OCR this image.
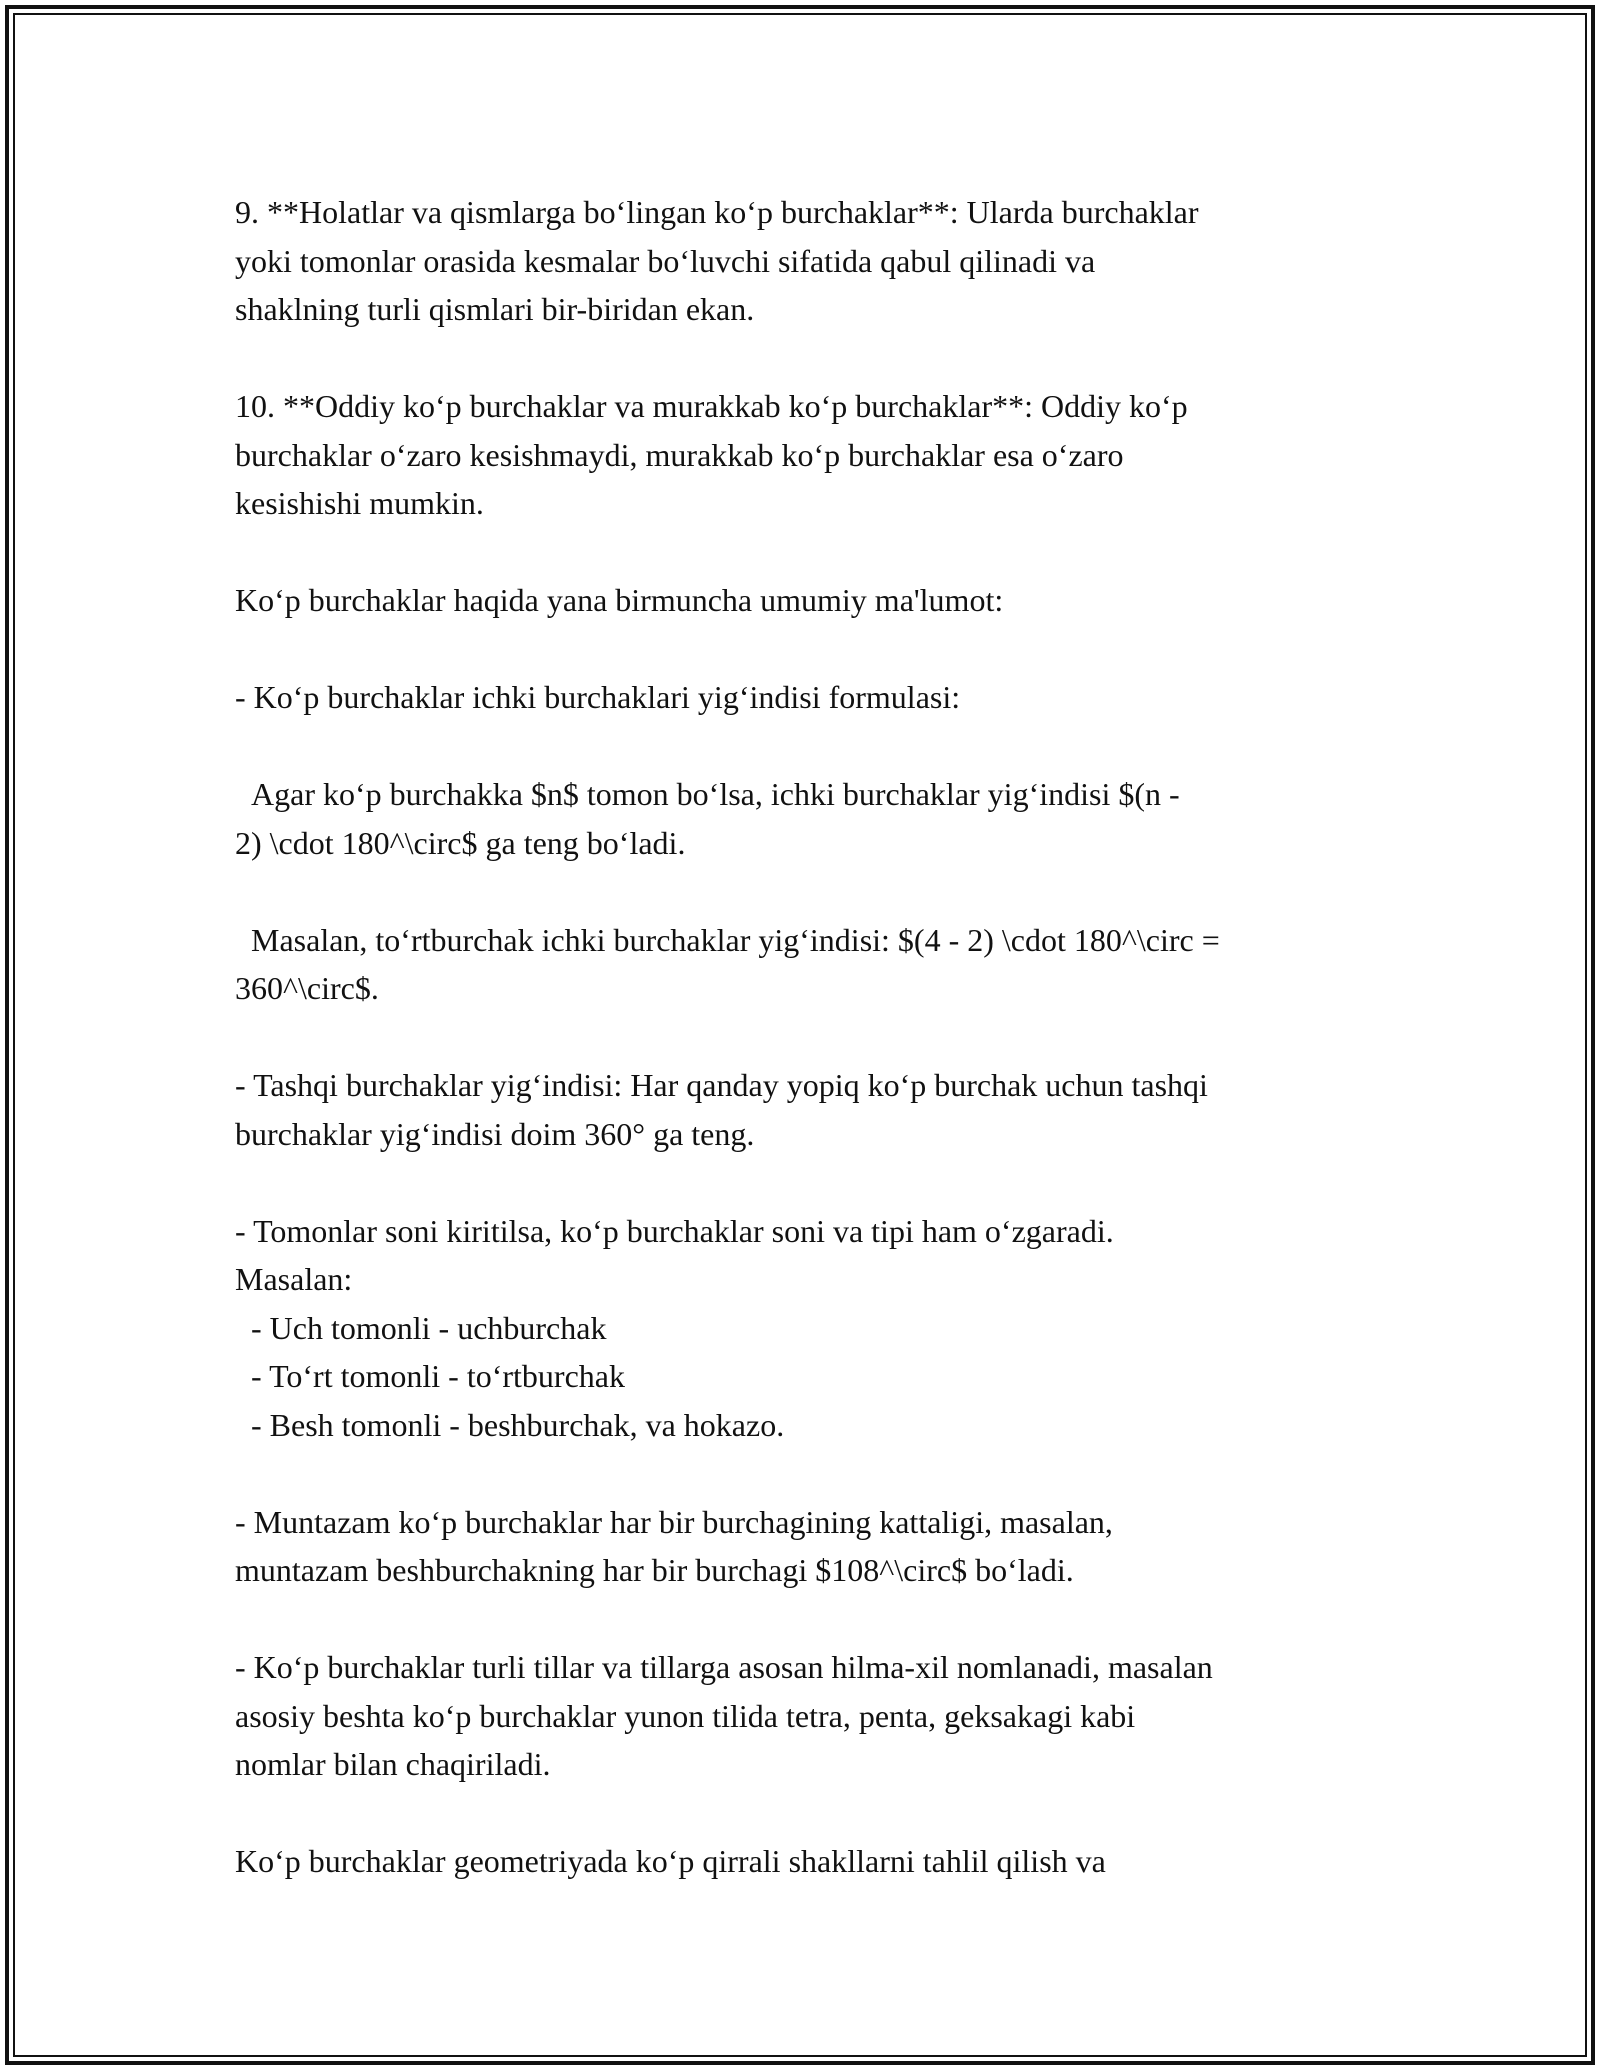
9. **Holatlar va qismlarga bo‘lingan ko‘p burchaklar**: Ularda burchaklar
yoki tomonlar orasida kesmalar bo‘luvchi sifatida qabul qilinadi va
shaklning turli qismlari bir-biridan ekan.

10. **Oddiy ko‘p burchaklar va murakkab ko‘p burchaklar**: Oddiy ko‘p
burchaklar o‘zaro kesishmaydi, murakkab ko‘p burchaklar esa o‘zaro
kesishishi mumkin.

Ko‘p burchaklar haqida yana birmuncha umumiy ma'lumot:

- Ko‘p burchaklar ichki burchaklari yig‘indisi formulasi:

Agar ko‘p burchakka $n$ tomon bo‘lsa, ichki burchaklar yig‘indisi $(n -
2) \cdot 180^\circ$ ga teng bo‘ladi.

Masalan, to‘rtburchak ichki burchaklar yig‘indisi: $(4 - 2) \cdot 180^\circ =
360^\circ$.

- Tashqi burchaklar yig‘indisi: Har qanday yopiq ko‘p burchak uchun tashqi
burchaklar yig‘indisi doim 360° ga teng.

- Tomonlar soni kiritilsa, ko‘p burchaklar soni va tipi ham o‘zgaradi.
Masalan:
- Uch tomonli - uchburchak
- To‘rt tomonli - to‘rtburchak
- Besh tomonli - beshburchak, va hokazo.

- Muntazam ko‘p burchaklar har bir burchagining kattaligi, masalan,
muntazam beshburchakning har bir burchagi $108^\circ$ bo‘ladi.

- Ko‘p burchaklar turli tillar va tillarga asosan hilma-xil nomlanadi, masalan
asosiy beshta ko‘p burchaklar yunon tilida tetra, penta, geksakagi kabi
nomlar bilan chaqiriladi.

Ko‘p burchaklar geometriyada ko‘p qirrali shakllarni tahlil qilish va
